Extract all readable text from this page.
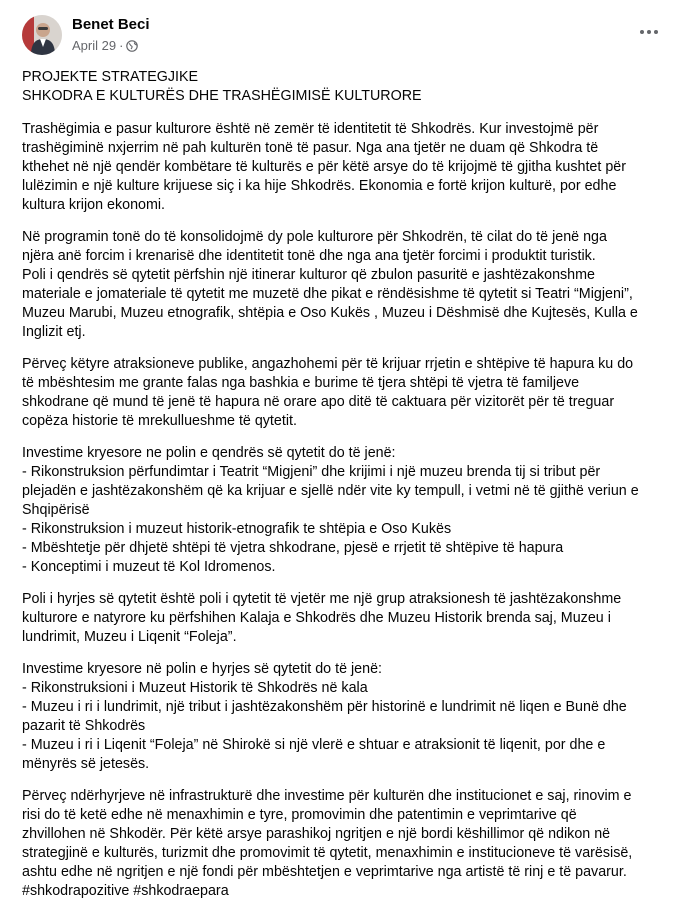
Benet Beci
April 29 ·
PROJEKTE STRATEGJIKE
SHKODRA E KULTURËS DHE TRASHËGIMISË KULTURORE

Trashëgimia e pasur kulturore është në zemër të identitetit të Shkodrës. Kur investojmë për
trashëgiminë nxjerrim në pah kulturën tonë të pasur. Nga ana tjetër ne duam që Shkodra të
kthehet në një qendër kombëtare të kulturës e për këtë arsye do të krijojmë të gjitha kushtet për
lulëzimin e një kulture krijuese siç i ka hije Shkodrës. Ekonomia e fortë krijon kulturë, por edhe
kultura krijon ekonomi.

Në programin tonë do të konsolidojmë dy pole kulturore për Shkodrën, të cilat do të jenë nga
njëra anë forcim i krenarisë dhe identitetit tonë dhe nga ana tjetër forcimi i produktit turistik.
Poli i qendrës së qytetit përfshin një itinerar kulturor që zbulon pasuritë e jashtëzakonshme
materiale e jomateriale të qytetit me muzetë dhe pikat e rëndësishme të qytetit si Teatri “Migjeni”,
Muzeu Marubi, Muzeu etnografik, shtëpia e Oso Kukës , Muzeu i Dëshmisë dhe Kujtesës, Kulla e
Inglizit etj.

Përveç këtyre atraksioneve publike, angazhohemi për të krijuar rrjetin e shtëpive të hapura ku do
të mbështesim me grante falas nga bashkia e burime të tjera shtëpi të vjetra të familjeve
shkodrane që mund të jenë të hapura në orare apo ditë të caktuara për vizitorët për të treguar
copëza historie të mrekullueshme të qytetit.

Investime kryesore ne polin e qendrës së qytetit do të jenë:
- Rikonstruksion përfundimtar i Teatrit “Migjeni” dhe krijimi i një muzeu brenda tij si tribut për
plejadën e jashtëzakonshëm që ka krijuar e sjellë ndër vite ky tempull, i vetmi në të gjithë veriun e
Shqipërisë
- Rikonstruksion i muzeut historik-etnografik te shtëpia e Oso Kukës
- Mbështetje për dhjetë shtëpi të vjetra shkodrane, pjesë e rrjetit të shtëpive të hapura
- Konceptimi i muzeut të Kol Idromenos.

Poli i hyrjes së qytetit është poli i qytetit të vjetër me një grup atraksionesh të jashtëzakonshme
kulturore e natyrore ku përfshihen Kalaja e Shkodrës dhe Muzeu Historik brenda saj, Muzeu i
lundrimit, Muzeu i Liqenit “Foleja”.

Investime kryesore në polin e hyrjes së qytetit do të jenë:
- Rikonstruksioni i Muzeut Historik të Shkodrës në kala
- Muzeu i ri i lundrimit, një tribut i jashtëzakonshëm për historinë e lundrimit në liqen e Bunë dhe
pazarit të Shkodrës
- Muzeu i ri i Liqenit “Foleja” në Shirokë si një vlerë e shtuar e atraksionit të liqenit, por dhe e
mënyrës së jetesës.

Përveç ndërhyrjeve në infrastrukturë dhe investime për kulturën dhe institucionet e saj, rinovim e
risi do të ketë edhe në menaxhimin e tyre, promovimin dhe patentimin e veprimtarive që
zhvillohen në Shkodër. Për këtë arsye parashikoj ngritjen e një bordi këshillimor që ndikon në
strategjinë e kulturës, turizmit dhe promovimit të qytetit, menaxhimin e institucioneve të varësisë,
ashtu edhe në ngritjen e një fondi për mbështetjen e veprimtarive nga artistë të rinj e të pavarur.
#shkodrapozitive #shkodraepara
